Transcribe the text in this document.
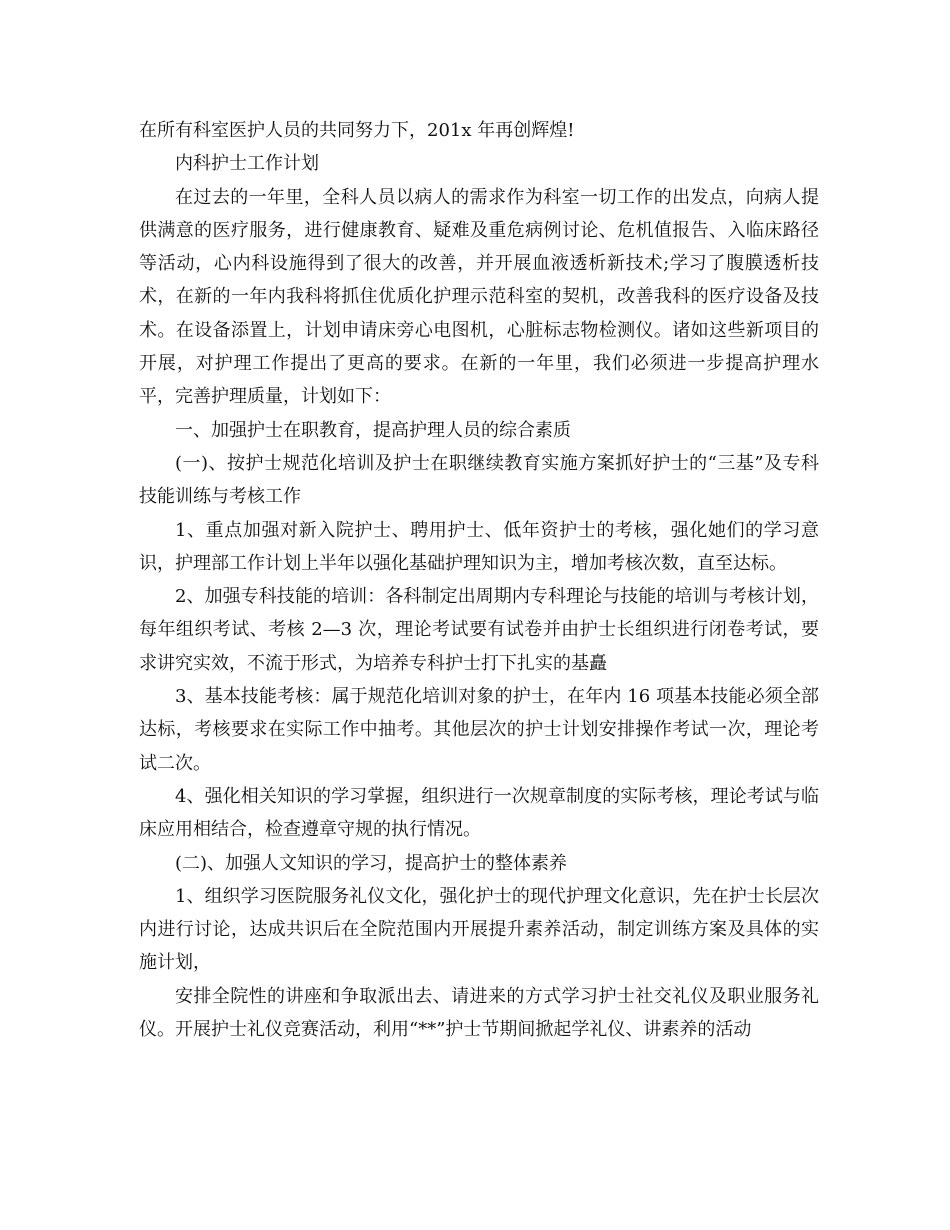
在所有科室医护人员的共同努力下，201x 年再创辉煌!

内科护士工作计划

在过去的一年里，全科人员以病人的需求作为科室一切工作的出发点，向病人提供满意的医疗服务，进行健康教育、疑难及重危病例讨论、危机值报告、入临床路径等活动，心内科设施得到了很大的改善，并开展血液透析新技术;学习了腹膜透析技术，在新的一年内我科将抓住优质化护理示范科室的契机，改善我科的医疗设备及技术。在设备添置上，计划申请床旁心电图机，心脏标志物检测仪。诸如这些新项目的开展，对护理工作提出了更高的要求。在新的一年里，我们必须进一步提高护理水平，完善护理质量，计划如下：

一、加强护士在职教育，提高护理人员的综合素质

(一)、按护士规范化培训及护士在职继续教育实施方案抓好护士的“三基”及专科技能训练与考核工作

1、重点加强对新入院护士、聘用护士、低年资护士的考核，强化她们的学习意识，护理部工作计划上半年以强化基础护理知识为主，增加考核次数，直至达标。

2、加强专科技能的培训：各科制定出周期内专科理论与技能的培训与考核计划，每年组织考试、考核 2—3 次，理论考试要有试卷并由护士长组织进行闭卷考试，要求讲究实效，不流于形式，为培养专科护士打下扎实的基矗

3、基本技能考核：属于规范化培训对象的护士，在年内 16 项基本技能必须全部达标，考核要求在实际工作中抽考。其他层次的护士计划安排操作考试一次，理论考试二次。

4、强化相关知识的学习掌握，组织进行一次规章制度的实际考核，理论考试与临床应用相结合，检查遵章守规的执行情况。

(二)、加强人文知识的学习，提高护士的整体素养

1、组织学习医院服务礼仪文化，强化护士的现代护理文化意识，先在护士长层次内进行讨论，达成共识后在全院范围内开展提升素养活动，制定训练方案及具体的实施计划，

安排全院性的讲座和争取派出去、请进来的方式学习护士社交礼仪及职业服务礼仪。开展护士礼仪竞赛活动，利用“**”护士节期间掀起学礼仪、讲素养的活动
